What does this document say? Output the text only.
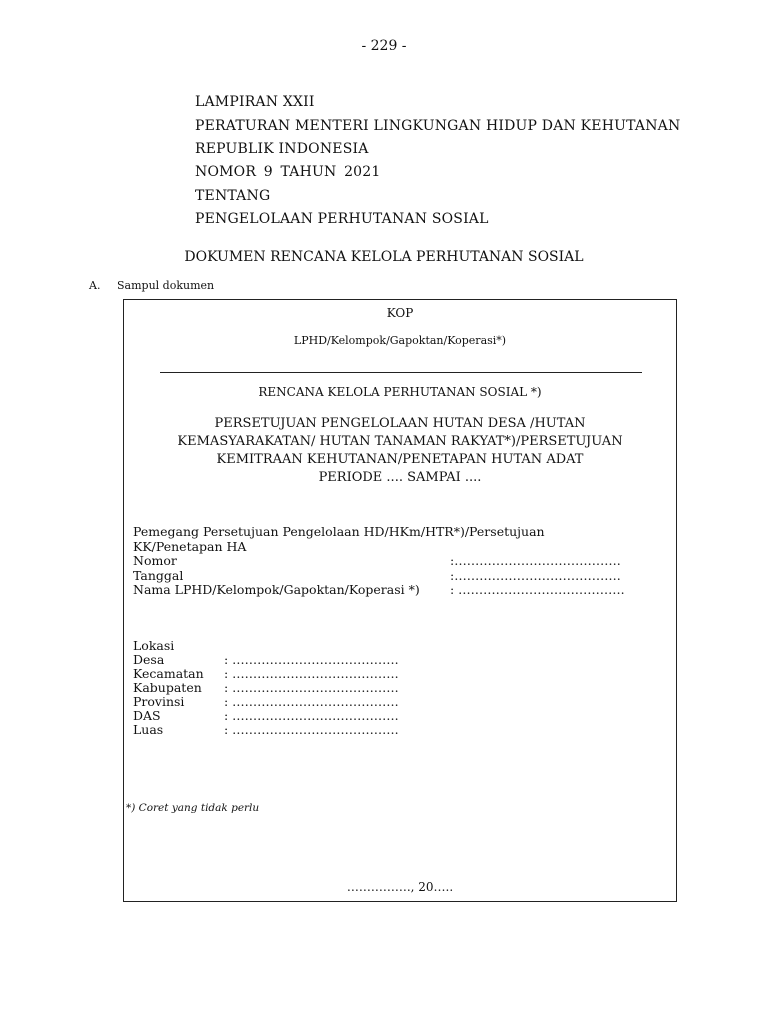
- 229 -
LAMPIRAN XXII
PERATURAN MENTERI LINGKUNGAN HIDUP DAN KEHUTANAN
REPUBLIK INDONESIA
NOMOR 9 TAHUN 2021
TENTANG
PENGELOLAAN PERHUTANAN SOSIAL
DOKUMEN RENCANA KELOLA PERHUTANAN SOSIAL
A. Sampul dokumen
KOP
LPHD/Kelompok/Gapoktan/Koperasi*)
RENCANA KELOLA PERHUTANAN SOSIAL *)
PERSETUJUAN PENGELOLAAN HUTAN DESA /HUTAN
KEMASYARAKATAN/ HUTAN TANAMAN RAKYAT*)/PERSETUJUAN
KEMITRAAN KEHUTANAN/PENETAPAN HUTAN ADAT
PERIODE .... SAMPAI ....
Pemegang Persetujuan Pengelolaan HD/HKm/HTR*)/Persetujuan
KK/Penetapan HA
Nomor	:………………………………….
Tanggal	:………………………………….
Nama LPHD/Kelompok/Gapoktan/Koperasi *) : ………………………………….
Lokasi
Desa	: ………………………………….
Kecamatan : ………………………………….
Kabupaten : ………………………………….
Provinsi	: ………………………………….
DAS	: ………………………………….
Luas	: ………………………………….
*) Coret yang tidak perlu
……………., 20…..
